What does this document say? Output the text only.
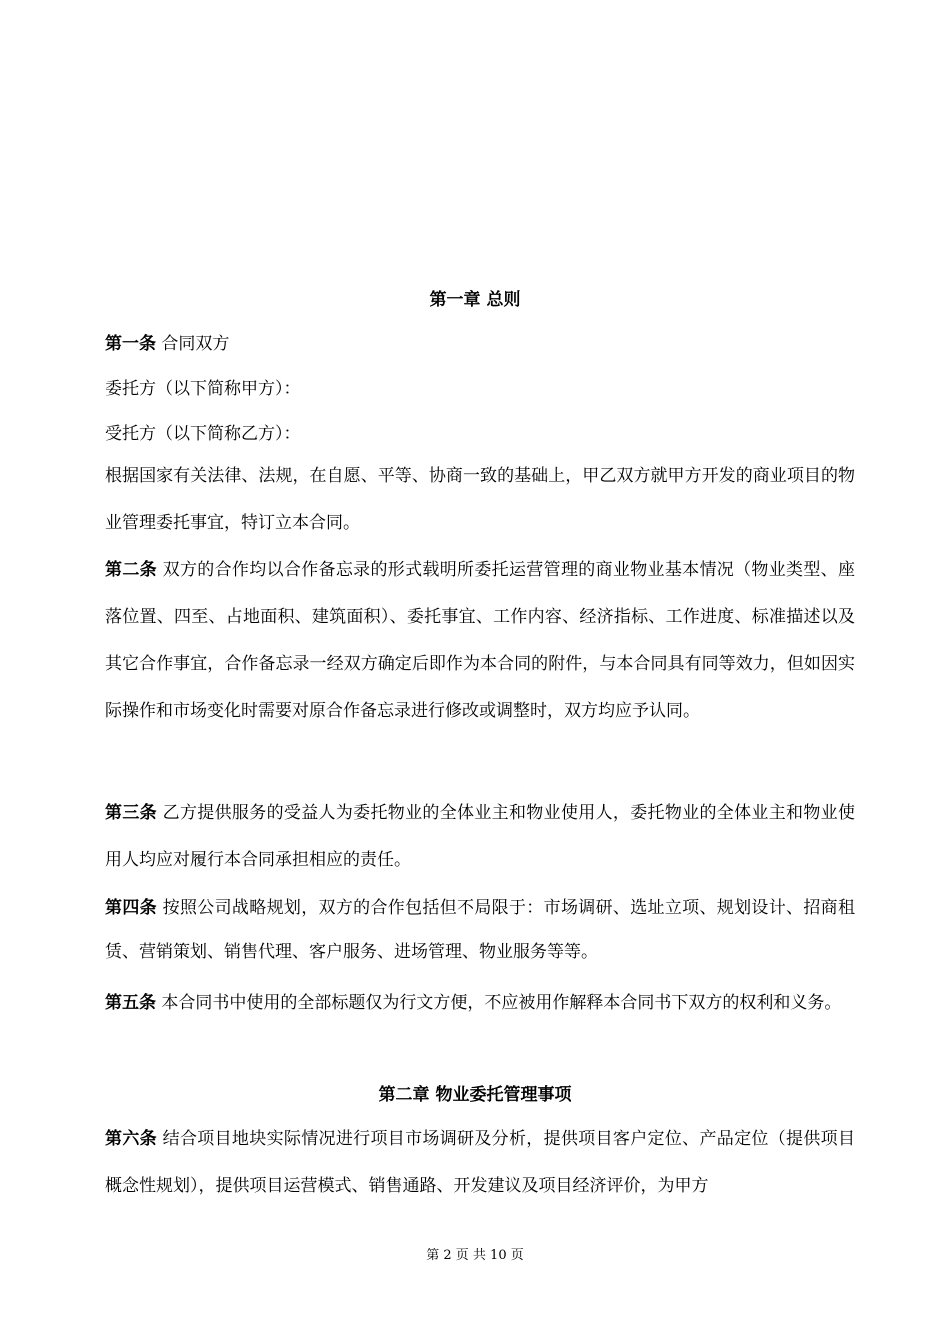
第一章 总则
第一条 合同双方
委托方（以下简称甲方）：
受托方（以下简称乙方）：
根据国家有关法律、法规，在自愿、平等、协商一致的基础上，甲乙双方就甲方开发的商业项目的物业管理委托事宜，特订立本合同。
第二条 双方的合作均以合作备忘录的形式载明所委托运营管理的商业物业基本情况（物业类型、座落位置、四至、占地面积、建筑面积）、委托事宜、工作内容、经济指标、工作进度、标准描述以及其它合作事宜，合作备忘录一经双方确定后即作为本合同的附件，与本合同具有同等效力，但如因实际操作和市场变化时需要对原合作备忘录进行修改或调整时，双方均应予认同。
第三条 乙方提供服务的受益人为委托物业的全体业主和物业使用人，委托物业的全体业主和物业使用人均应对履行本合同承担相应的责任。
第四条 按照公司战略规划，双方的合作包括但不局限于：市场调研、选址立项、规划设计、招商租赁、营销策划、销售代理、客户服务、进场管理、物业服务等等。
第五条 本合同书中使用的全部标题仅为行文方便，不应被用作解释本合同书下双方的权利和义务。
第二章 物业委托管理事项
第六条 结合项目地块实际情况进行项目市场调研及分析，提供项目客户定位、产品定位（提供项目概念性规划），提供项目运营模式、销售通路、开发建议及项目经济评价，为甲方
第 2 页 共 10 页
